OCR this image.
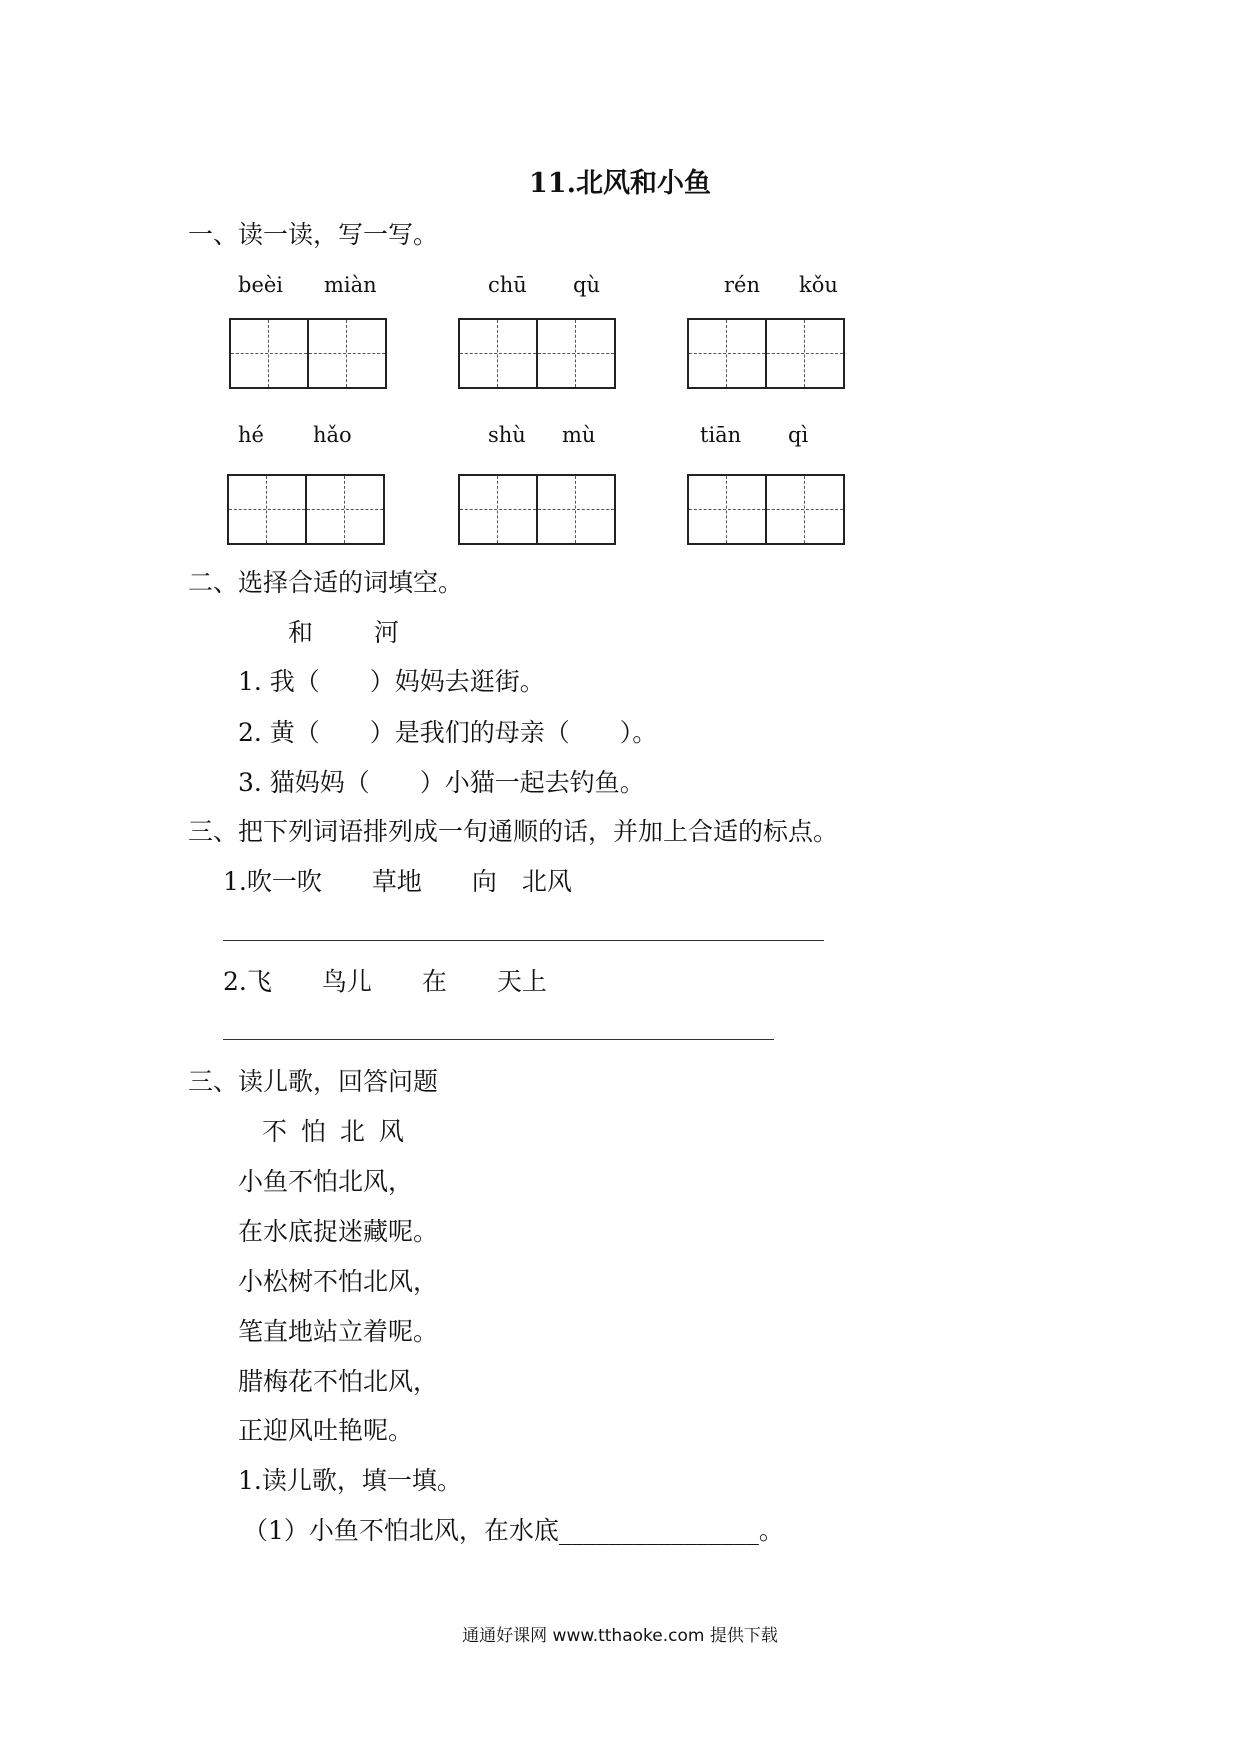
11.北风和小鱼
一、读一读，写一写。
beèi miàn	chū qù	rén kǒu
hé hǎo	shù mù	tiān qì
二、选择合适的词填空。
和 河
1. 我（　　）妈妈去逛街。
2. 黄（　　）是我们的母亲（　　）。
3. 猫妈妈（　　）小猫一起去钓鱼。
三、把下列词语排列成一句通顺的话，并加上合适的标点。
1.吹一吹　　草地　　向　北风
2.飞　　鸟儿　　在　　天上
三、读儿歌，回答问题
不 怕 北 风
小鱼不怕北风，
在水底捉迷藏呢。
小松树不怕北风，
笔直地站立着呢。
腊梅花不怕北风，
正迎风吐艳呢。
1.读儿歌，填一填。
（1）小鱼不怕北风，在水底________________。
通通好课网 www.tthaoke.com 提供下载
